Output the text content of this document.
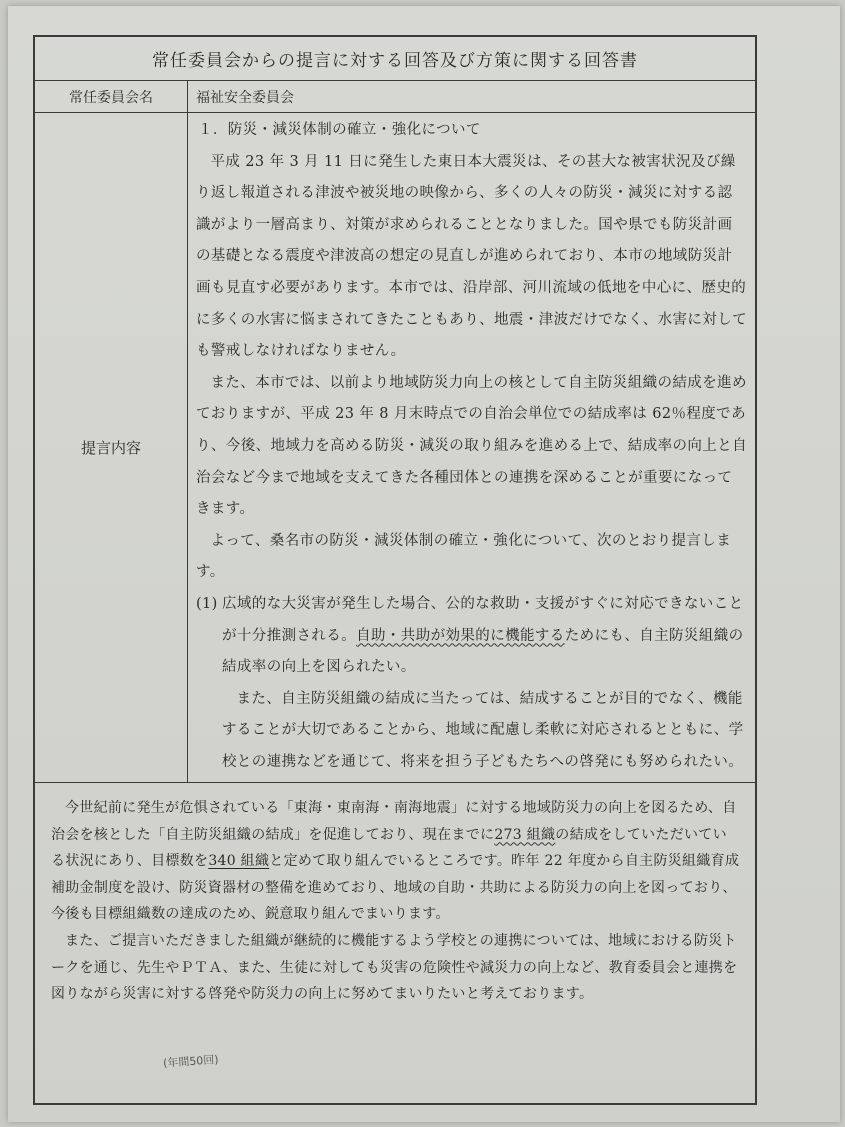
常任委員会からの提言に対する回答及び方策に関する回答書
常任委員会名	福祉安全委員会
提言内容
１．防災・減災体制の確立・強化について
平成 23 年 3 月 11 日に発生した東日本大震災は、その甚大な被害状況及び繰り返し報道される津波や被災地の映像から、多くの人々の防災・減災に対する認識がより一層高まり、対策が求められることとなりました。国や県でも防災計画の基礎となる震度や津波高の想定の見直しが進められており、本市の地域防災計画も見直す必要があります。本市では、沿岸部、河川流域の低地を中心に、歴史的に多くの水害に悩まされてきたこともあり、地震・津波だけでなく、水害に対しても警戒しなければなりません。
また、本市では、以前より地域防災力向上の核として自主防災組織の結成を進めておりますが、平成 23 年 8 月末時点での自治会単位での結成率は 62％程度であり、今後、地域力を高める防災・減災の取り組みを進める上で、結成率の向上と自治会など今まで地域を支えてきた各種団体との連携を深めることが重要になってきます。
よって、桑名市の防災・減災体制の確立・強化について、次のとおり提言します。
(1) 広域的な大災害が発生した場合、公的な救助・支援がすぐに対応できないことが十分推測される。自助・共助が効果的に機能するためにも、自主防災組織の結成率の向上を図られたい。
また、自主防災組織の結成に当たっては、結成することが目的でなく、機能することが大切であることから、地域に配慮し柔軟に対応されるとともに、学校との連携などを通じて、将来を担う子どもたちへの啓発にも努められたい。
今世紀前に発生が危惧されている「東海・東南海・南海地震」に対する地域防災力の向上を図るため、自治会を核とした「自主防災組織の結成」を促進しており、現在までに273 組織の結成をしていただいている状況にあり、目標数を340 組織と定めて取り組んでいるところです。昨年 22 年度から自主防災組織育成補助金制度を設け、防災資器材の整備を進めており、地域の自助・共助による防災力の向上を図っており、今後も目標組織数の達成のため、鋭意取り組んでまいります。
また、ご提言いただきました組織が継続的に機能するよう学校との連携については、地域における防災トークを通じ、先生やＰＴＡ、また、生徒に対しても災害の危険性や減災力の向上など、教育委員会と連携を図りながら災害に対する啓発や防災力の向上に努めてまいりたいと考えております。
(年間50回)
